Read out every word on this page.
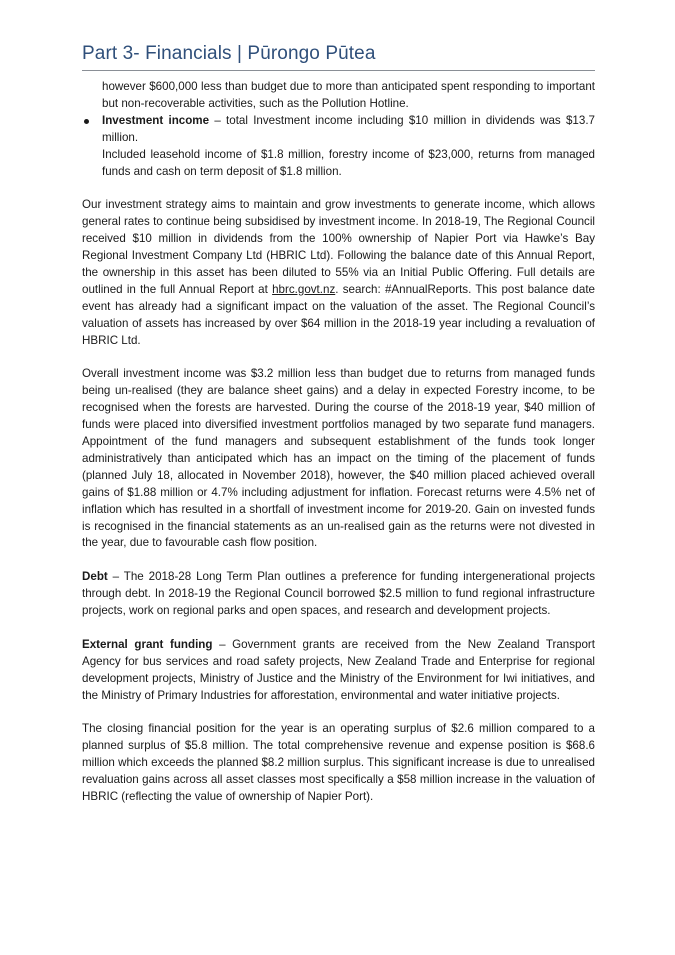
Part 3- Financials | Pūrongo Pūtea

however $600,000 less than budget due to more than anticipated spent responding to important but non-recoverable activities, such as the Pollution Hotline.

Investment income – total Investment income including $10 million in dividends was $13.7 million.

Included leasehold income of $1.8 million, forestry income of $23,000, returns from managed funds and cash on term deposit of $1.8 million.

Our investment strategy aims to maintain and grow investments to generate income, which allows general rates to continue being subsidised by investment income. In 2018-19, The Regional Council received $10 million in dividends from the 100% ownership of Napier Port via Hawke’s Bay Regional Investment Company Ltd (HBRIC Ltd). Following the balance date of this Annual Report, the ownership in this asset has been diluted to 55% via an Initial Public Offering. Full details are outlined in the full Annual Report at hbrc.govt.nz. search: #AnnualReports. This post balance date event has already had a significant impact on the valuation of the asset. The Regional Council’s valuation of assets has increased by over $64 million in the 2018-19 year including a revaluation of HBRIC Ltd.

Overall investment income was $3.2 million less than budget due to returns from managed funds being un-realised (they are balance sheet gains) and a delay in expected Forestry income, to be recognised when the forests are harvested. During the course of the 2018-19 year, $40 million of funds were placed into diversified investment portfolios managed by two separate fund managers. Appointment of the fund managers and subsequent establishment of the funds took longer administratively than anticipated which has an impact on the timing of the placement of funds (planned July 18, allocated in November 2018), however, the $40 million placed achieved overall gains of $1.88 million or 4.7% including adjustment for inflation. Forecast returns were 4.5% net of inflation which has resulted in a shortfall of investment income for 2019-20. Gain on invested funds is recognised in the financial statements as an un-realised gain as the returns were not divested in the year, due to favourable cash flow position.

Debt – The 2018-28 Long Term Plan outlines a preference for funding intergenerational projects through debt. In 2018-19 the Regional Council borrowed $2.5 million to fund regional infrastructure projects, work on regional parks and open spaces, and research and development projects.

External grant funding – Government grants are received from the New Zealand Transport Agency for bus services and road safety projects, New Zealand Trade and Enterprise for regional development projects, Ministry of Justice and the Ministry of the Environment for Iwi initiatives, and the Ministry of Primary Industries for afforestation, environmental and water initiative projects.

The closing financial position for the year is an operating surplus of $2.6 million compared to a planned surplus of $5.8 million. The total comprehensive revenue and expense position is $68.6 million which exceeds the planned $8.2 million surplus. This significant increase is due to unrealised revaluation gains across all asset classes most specifically a $58 million increase in the valuation of HBRIC (reflecting the value of ownership of Napier Port).
